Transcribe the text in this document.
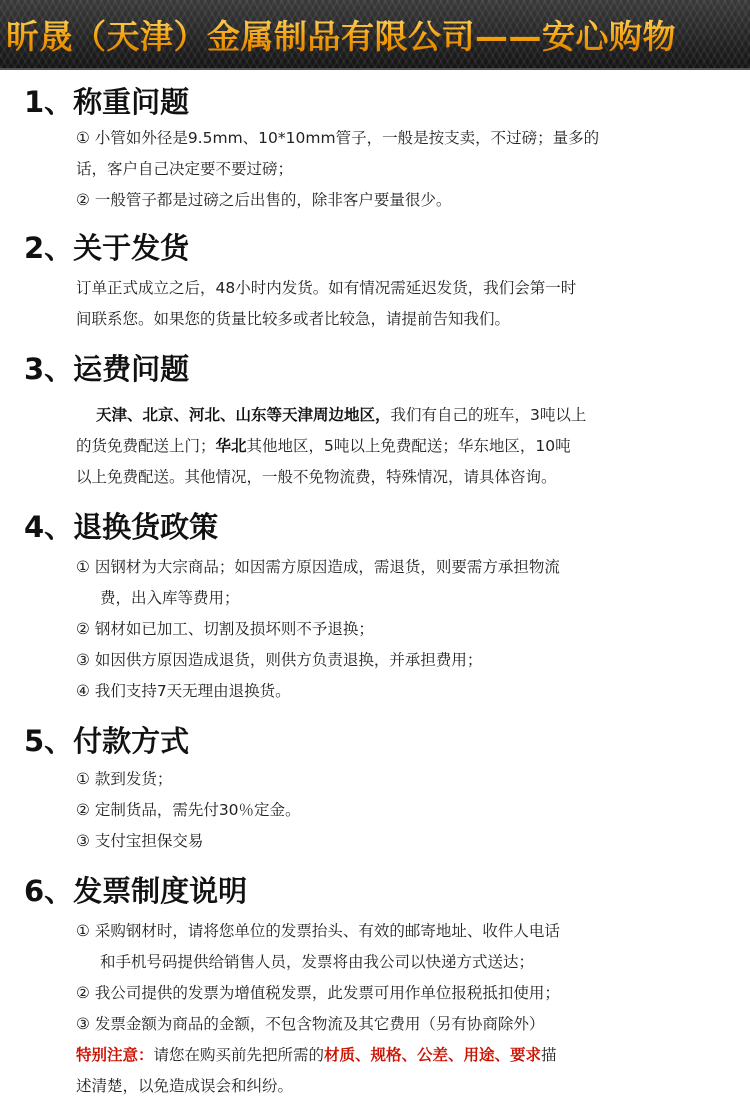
昕晟（天津）金属制品有限公司——安心购物
1、称重问题

① 小管如外径是9.5mm、10*10mm管子，一般是按支卖，不过磅；量多的

话，客户自己决定要不要过磅；

② 一般管子都是过磅之后出售的，除非客户要量很少。

2、关于发货

订单正式成立之后，48小时内发货。如有情况需延迟发货，我们会第一时

间联系您。如果您的货量比较多或者比较急，请提前告知我们。

3、运费问题

天津、北京、河北、山东等天津周边地区，我们有自己的班车，3吨以上

的货免费配送上门；华北其他地区，5吨以上免费配送；华东地区，10吨

以上免费配送。其他情况，一般不免物流费，特殊情况，请具体咨询。

4、退换货政策

① 因钢材为大宗商品；如因需方原因造成，需退货，则要需方承担物流

费，出入库等费用；

② 钢材如已加工、切割及损坏则不予退换；

③ 如因供方原因造成退货，则供方负责退换，并承担费用；

④ 我们支持7天无理由退换货。

5、付款方式

① 款到发货；

② 定制货品，需先付30％定金。

③ 支付宝担保交易

6、发票制度说明

① 采购钢材时，请将您单位的发票抬头、有效的邮寄地址、收件人电话

和手机号码提供给销售人员，发票将由我公司以快递方式送达；

② 我公司提供的发票为增值税发票，此发票可用作单位报税抵扣使用；

③ 发票金额为商品的金额，不包含物流及其它费用（另有协商除外）

特别注意：请您在购买前先把所需的材质、规格、公差、用途、要求描

述清楚，以免造成误会和纠纷。
